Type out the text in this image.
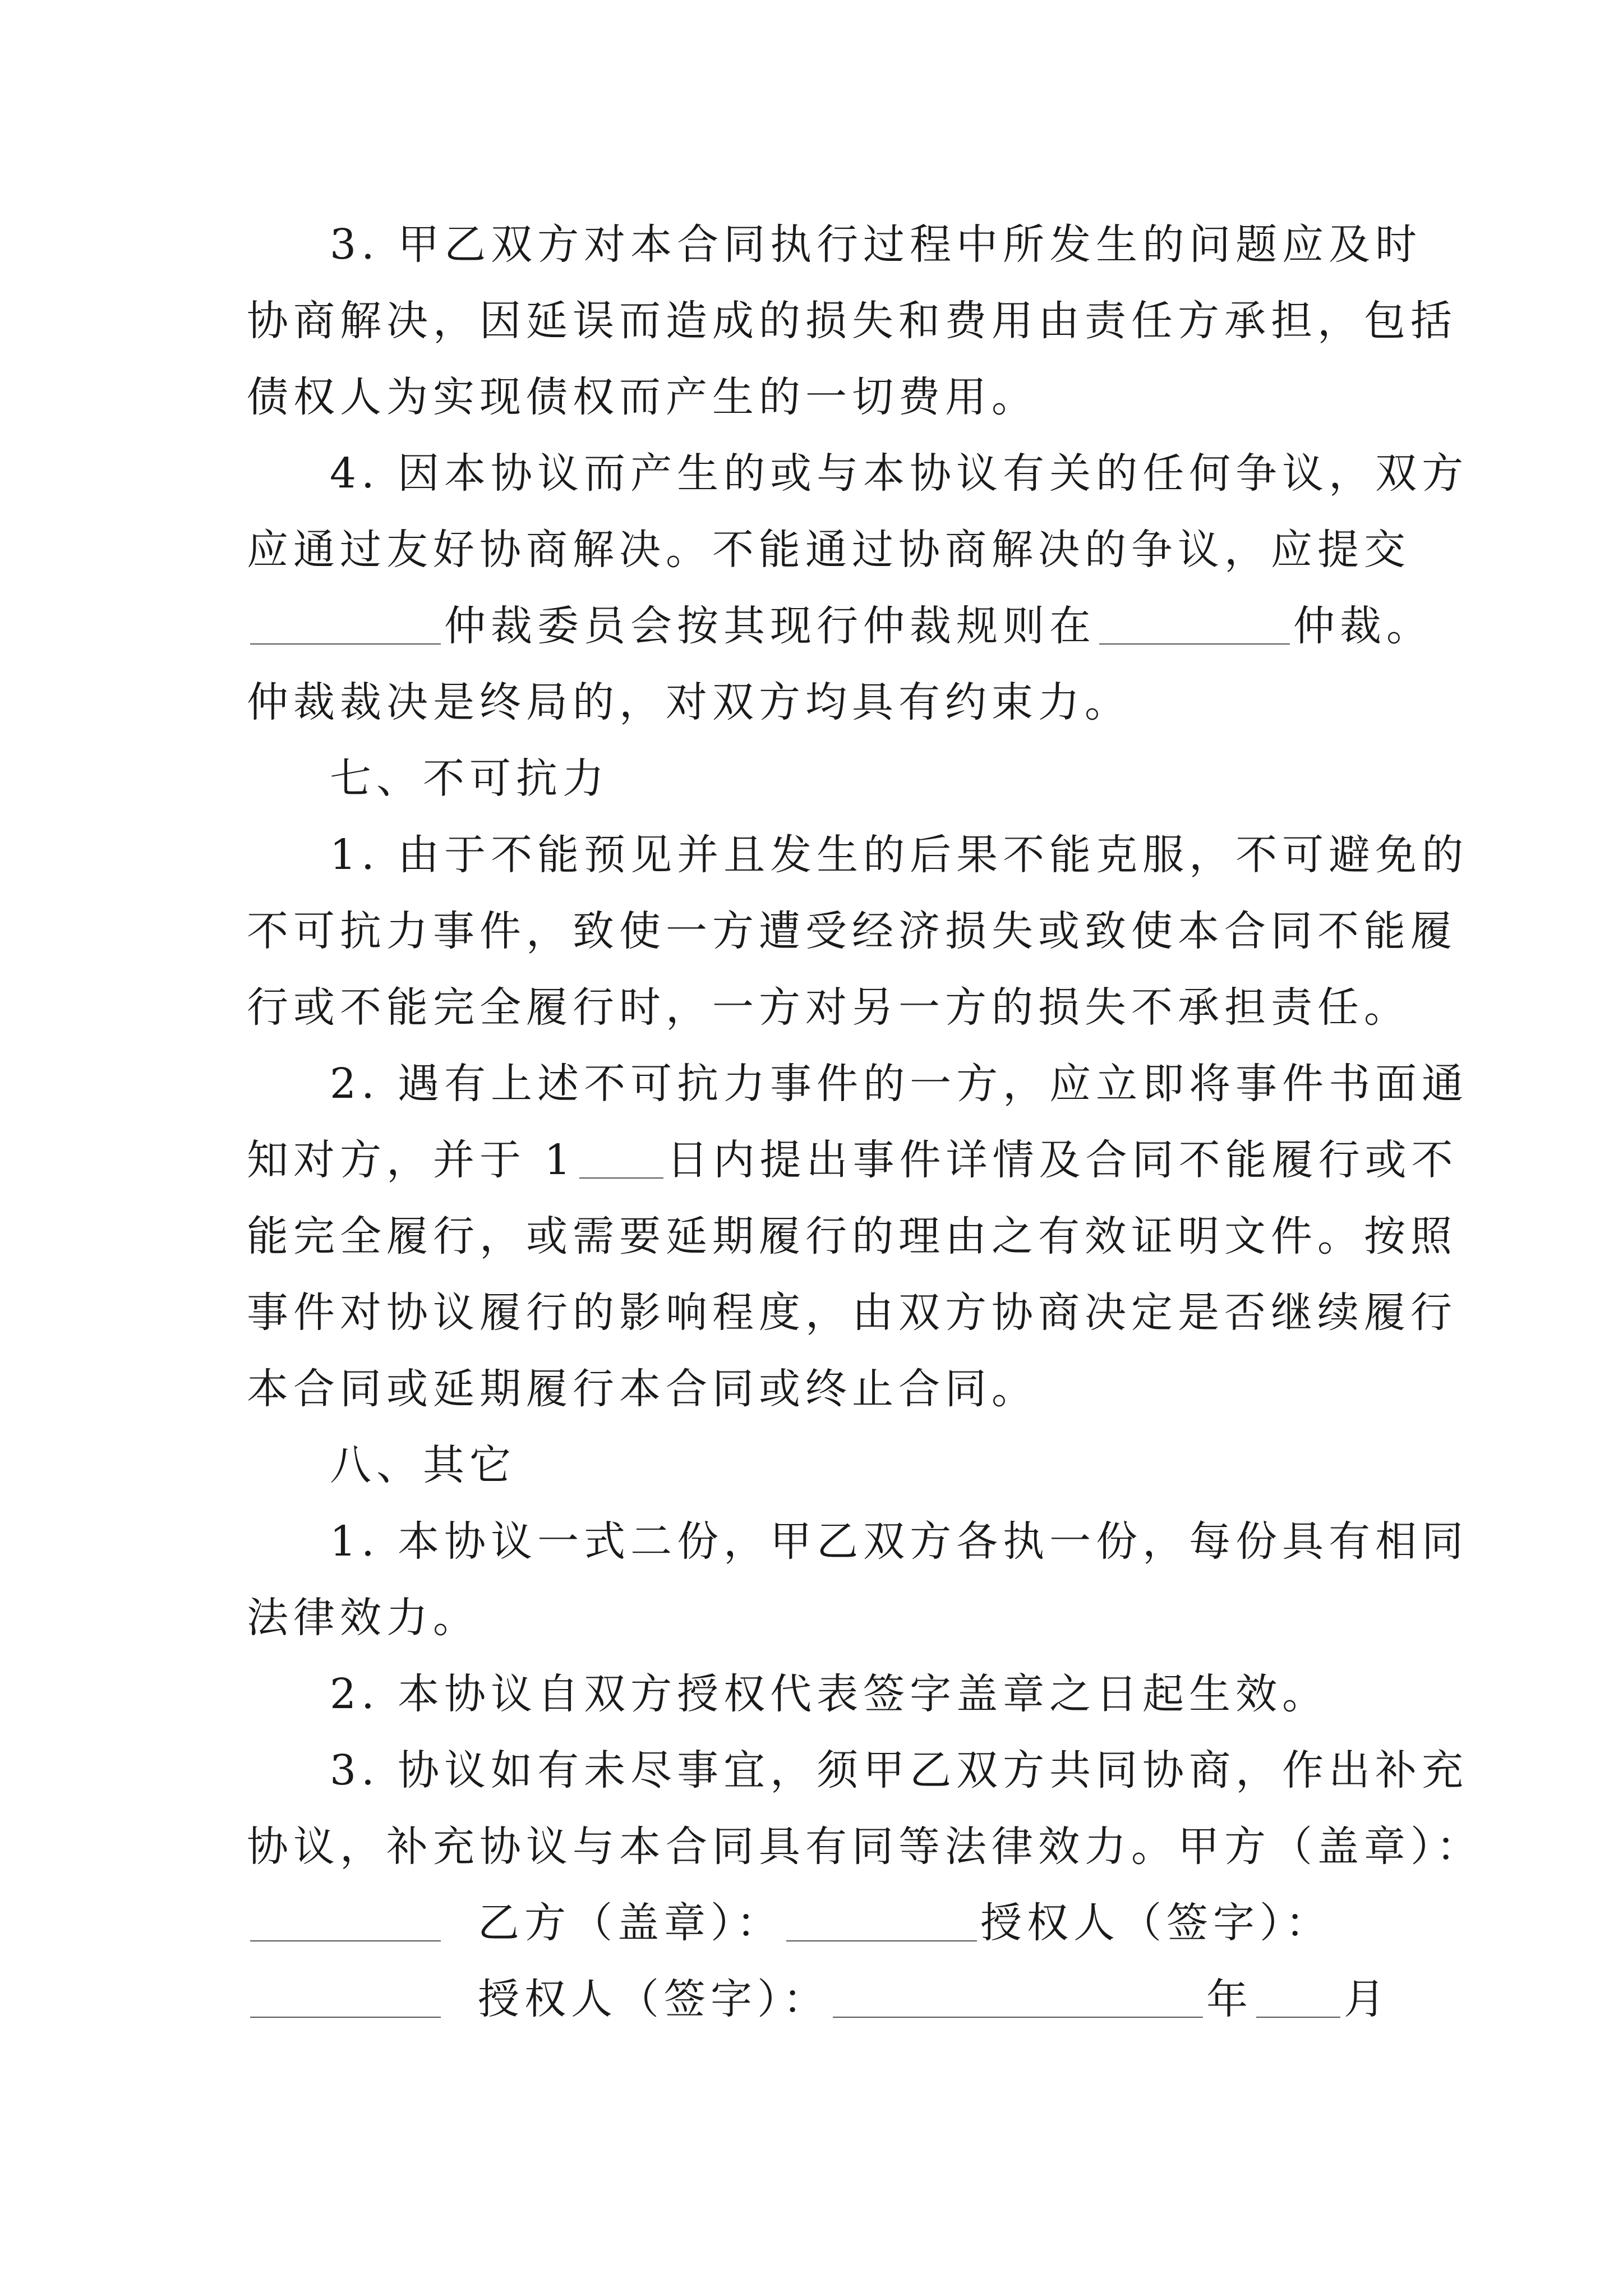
3. 甲乙双方对本合同执行过程中所发生的问题应及时
协商解决，因延误而造成的损失和费用由责任方承担，包括
债权人为实现债权而产生的一切费用。
4. 因本协议而产生的或与本协议有关的任何争议，双方
应通过友好协商解决。不能通过协商解决的争议，应提交
仲裁委员会按其现行仲裁规则在	仲裁。
仲裁裁决是终局的，对双方均具有约束力。
七、不可抗力
1. 由于不能预见并且发生的后果不能克服，不可避免的
不可抗力事件，致使一方遭受经济损失或致使本合同不能履
行或不能完全履行时，一方对另一方的损失不承担责任。
2. 遇有上述不可抗力事件的一方，应立即将事件书面通
知对方，并于 1 日内提出事件详情及合同不能履行或不
能完全履行，或需要延期履行的理由之有效证明文件。按照
事件对协议履行的影响程度，由双方协商决定是否继续履行
本合同或延期履行本合同或终止合同。
八、其它
1. 本协议一式二份，甲乙双方各执一份，每份具有相同
法律效力。
2. 本协议自双方授权代表签字盖章之日起生效。
3. 协议如有未尽事宜，须甲乙双方共同协商，作出补充
协议，补充协议与本合同具有同等法律效力。甲方（盖章）：
乙方（盖章）：	授权人（签字）：
授权人（签字）：	年 月
